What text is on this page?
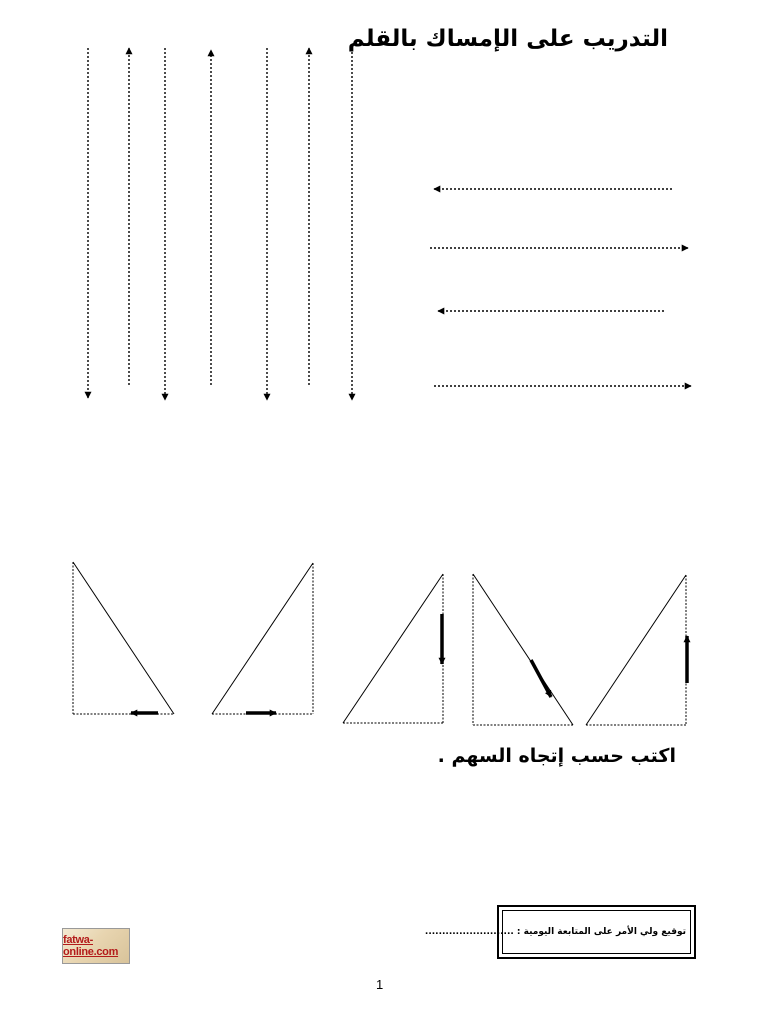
التدريب على الإمساك بالقلم
اكتب حسب إتجاه السهم .
fatwa-online.com
توقيع ولي الأمر على المتابعة اليومية : ..........................
1
